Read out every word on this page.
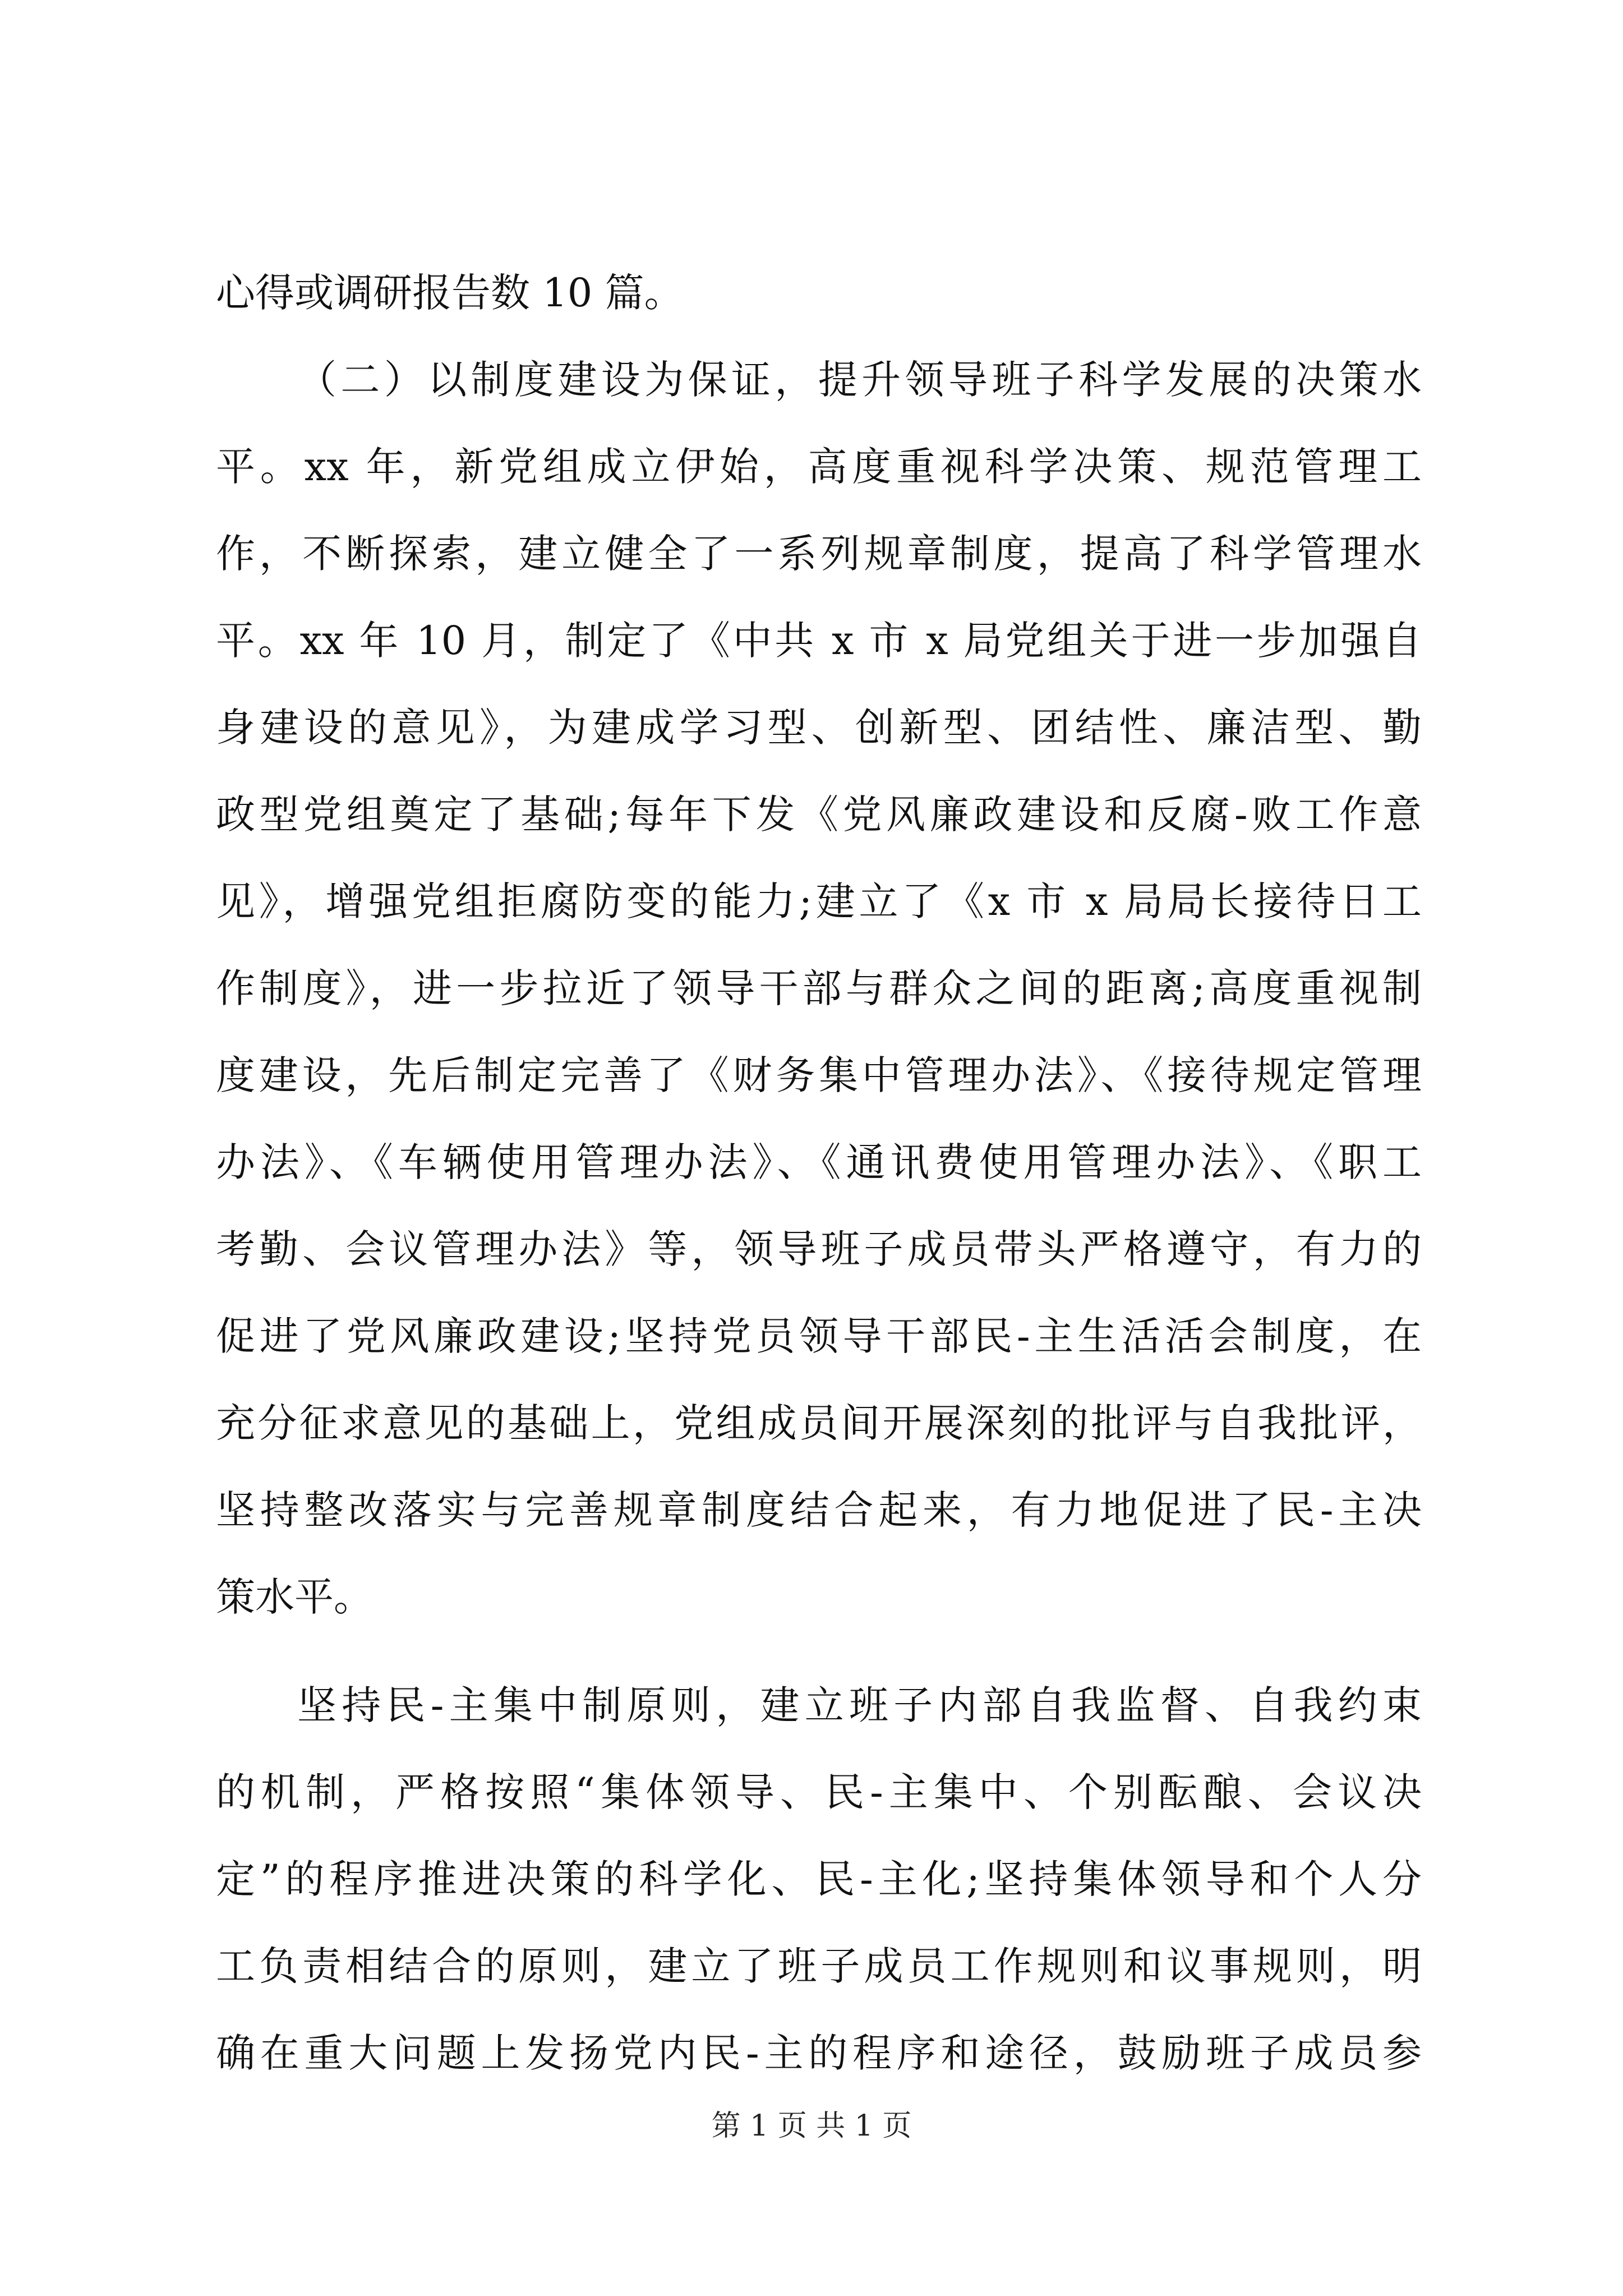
心得或调研报告数 10 篇。
（二）以制度建设为保证，提升领导班子科学发展的决策水
平。xx 年，新党组成立伊始，高度重视科学决策、规范管理工
作，不断探索，建立健全了一系列规章制度，提高了科学管理水
平。xx 年 10 月，制定了《中共 x 市 x 局党组关于进一步加强自
身建设的意见》，为建成学习型、创新型、团结性、廉洁型、勤
政型党组奠定了基础;每年下发《党风廉政建设和反腐-败工作意
见》，增强党组拒腐防变的能力;建立了《x 市 x 局局长接待日工
作制度》，进一步拉近了领导干部与群众之间的距离;高度重视制
度建设，先后制定完善了《财务集中管理办法》、《接待规定管理
办法》、《车辆使用管理办法》、《通讯费使用管理办法》、《职工
考勤、会议管理办法》等，领导班子成员带头严格遵守，有力的
促进了党风廉政建设;坚持党员领导干部民-主生活活会制度，在
充分征求意见的基础上，党组成员间开展深刻的批评与自我批评，
坚持整改落实与完善规章制度结合起来，有力地促进了民-主决
策水平。
坚持民-主集中制原则，建立班子内部自我监督、自我约束
的机制，严格按照“集体领导、民-主集中、个别酝酿、会议决
定”的程序推进决策的科学化、民-主化;坚持集体领导和个人分
工负责相结合的原则，建立了班子成员工作规则和议事规则，明
确在重大问题上发扬党内民-主的程序和途径，鼓励班子成员参
第 1 页 共 1 页
